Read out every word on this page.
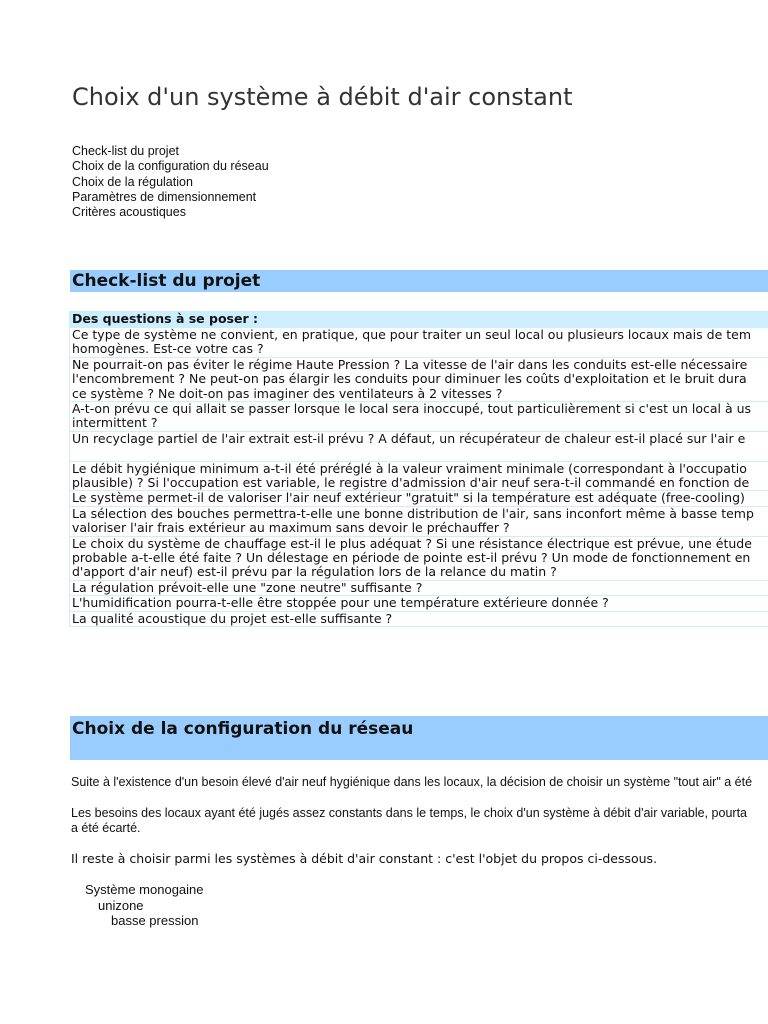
Choix d'un système à débit d'air constant
Check-list du projet
Choix de la configuration du réseau
Choix de la régulation
Paramètres de dimensionnement
Critères acoustiques
Check-list du projet
Des questions à se poser :

Ce type de système ne convient, en pratique, que pour traiter un seul local ou plusieurs locaux mais de tem
homogènes. Est-ce votre cas ?

Ne pourrait-on pas éviter le régime Haute Pression ? La vitesse de l'air dans les conduits est-elle nécessaire
l'encombrement ? Ne peut-on pas élargir les conduits pour diminuer les coûts d'exploitation et le bruit dura
ce système ? Ne doit-on pas imaginer des ventilateurs à 2 vitesses ?

A-t-on prévu ce qui allait se passer lorsque le local sera inoccupé, tout particulièrement si c'est un local à us
intermittent ?

Un recyclage partiel de l'air extrait est-il prévu ? A défaut, un récupérateur de chaleur est-il placé sur l'air e

Le débit hygiénique minimum a-t-il été préréglé à la valeur vraiment minimale (correspondant à l'occupatio
plausible) ? Si l'occupation est variable, le registre d'admission d'air neuf sera-t-il commandé en fonction de

Le système permet-il de valoriser l'air neuf extérieur "gratuit" si la température est adéquate (free-cooling)

La sélection des bouches permettra-t-elle une bonne distribution de l'air, sans inconfort même à basse temp
valoriser l'air frais extérieur au maximum sans devoir le préchauffer ?

Le choix du système de chauffage est-il le plus adéquat ? Si une résistance électrique est prévue, une étude
probable a-t-elle été faite ? Un délestage en période de pointe est-il prévu ? Un mode de fonctionnement en
d'apport d'air neuf) est-il prévu par la régulation lors de la relance du matin ?

La régulation prévoit-elle une "zone neutre" suffisante ?

L'humidification pourra-t-elle être stoppée pour une température extérieure donnée ?

La qualité acoustique du projet est-elle suffisante ?
Choix de la configuration du réseau

Suite à l'existence d'un besoin élevé d'air neuf hygiénique dans les locaux, la décision de choisir un système "tout air" a été

Les besoins des locaux ayant été jugés assez constants dans le temps, le choix d'un système à débit d'air variable, pourta

a été écarté.

Il reste à choisir parmi les systèmes à débit d'air constant : c'est l'objet du propos ci-dessous.

Système monogaine
unizone
basse pression
